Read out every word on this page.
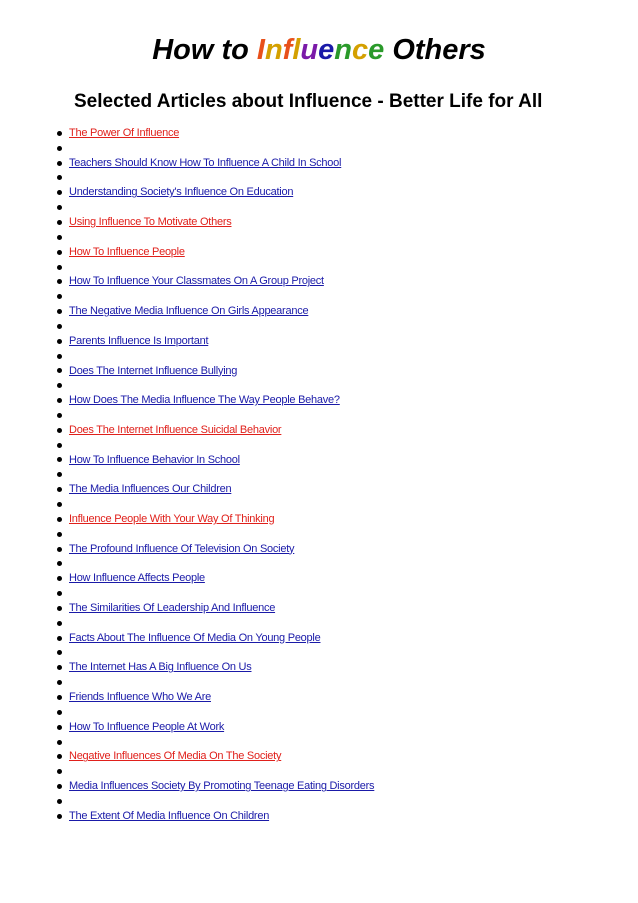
How to Influence Others
Selected Articles about Influence - Better Life for All
The Power Of Influence
Teachers Should Know How To Influence A Child In School
Understanding Society's Influence On Education
Using Influence To Motivate Others
How To Influence People
How To Influence Your Classmates On A Group Project
The Negative Media Influence On Girls Appearance
Parents Influence Is Important
Does The Internet Influence Bullying
How Does The Media Influence The Way People Behave?
Does The Internet Influence Suicidal Behavior
How To Influence Behavior In School
The Media Influences Our Children
Influence People With Your Way Of Thinking
The Profound Influence Of Television On Society
How Influence Affects People
The Similarities Of Leadership And Influence
Facts About The Influence Of Media On Young People
The Internet Has A Big Influence On Us
Friends Influence Who We Are
How To Influence People At Work
Negative Influences Of Media On The Society
Media Influences Society By Promoting Teenage Eating Disorders
The Extent Of Media Influence On Children
